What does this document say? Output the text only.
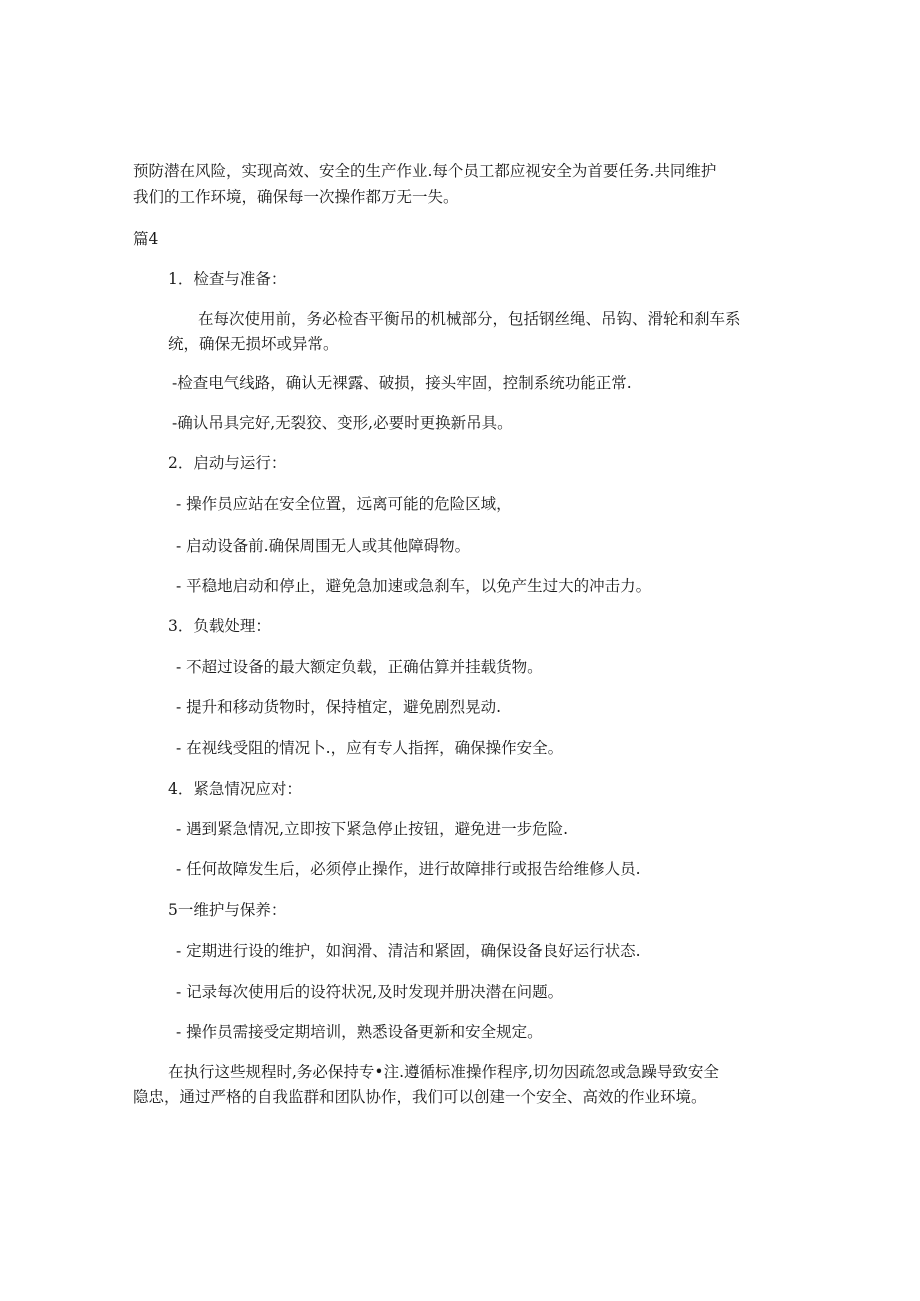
预防潜在风险，实现高效、安全的生产作业.每个员工都应视安全为首要任务.共同维护
我们的工作环境，确保每一次操作都万无一失。
篇4
1．检查与准备：
在每次使用前，务必检杳平衡吊的机械部分，包括钢丝绳、吊钩、滑轮和刹车系
统，确保无损坏或异常。
-检查电气线路，确认无裸露、破损，接头牢固，控制系统功能正常.
-确认吊具完好,无裂狡、变形,必要时更换新吊具。
2．启动与运行：
- 操作员应站在安全位置，远离可能的危险区域，
- 启动设备前.确保周围无人或其他障碍物。
- 平稳地启动和停止，避免急加速或急刹车，以免产生过大的冲击力。
3．负载处理：
- 不超过设备的最大额定负载，正确估算并挂载货物。
- 提升和移动货物时，保持植定，避免剧烈晃动.
- 在视线受阻的情况卜.，应有专人指挥，确保操作安全。
4．紧急情况应对：
- 遇到紧急情况,立即按下紧急停止按钮，避免进一步危险.
- 任何故障发生后，必须停止操作，进行故障排行或报告给维修人员.
5一维护与保养：
- 定期进行设的维护，如润滑、清洁和紧固，确保设备良好运行状态.
- 记录每次使用后的设符状况,及时发现并册决潜在问题。
- 操作员需接受定期培训，熟悉设备更新和安全规定。
在执行这些规程时,务必保持专•注.遵循标准操作程序,切勿因疏忽或急躁导致安全
隐忠，通过严格的自我监群和团队协作，我们可以创建一个安全、高效的作业环境。
